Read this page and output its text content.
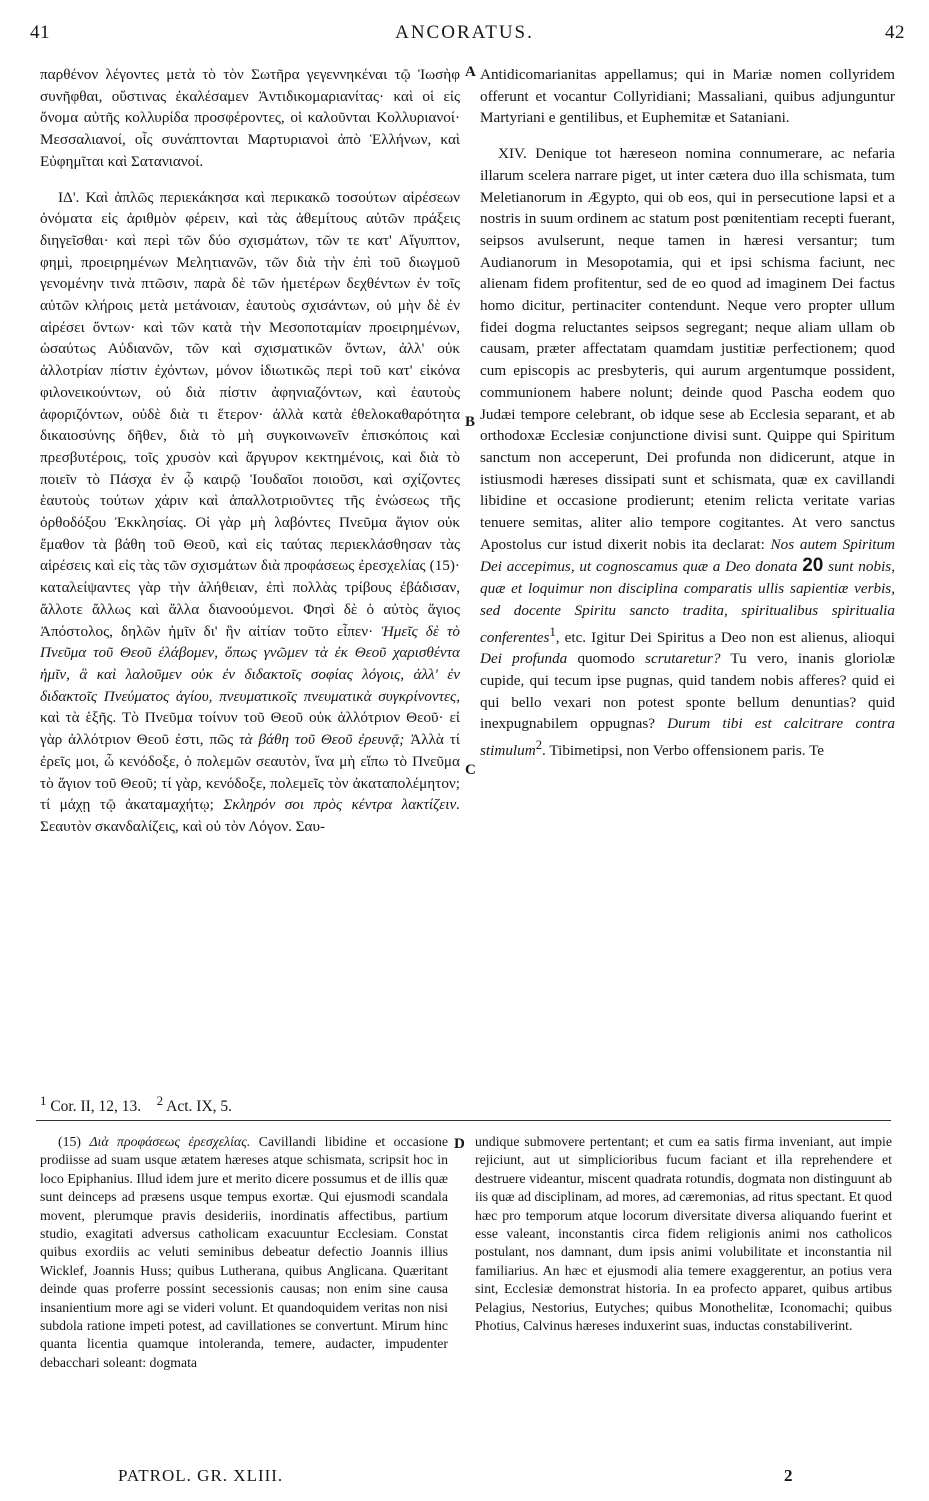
41	ANCORATUS.	42
A
B
C
D

παρθένον λέγοντες μετὰ τὸ τὸν Σωτῆρα γεγεννηκέναι τῷ Ἰωσὴφ συνῆφθαι, οὕστινας ἐκαλέσαμεν Ἀντιδικομαριανίτας· καὶ οἱ εἰς ὄνομα αὐτῆς κολλυρίδα προσφέροντες, οἱ καλοῦνται Κολλυριανοί· Μεσσαλιανοί, οἷς συνάπτονται Μαρτυριανοὶ ἀπὸ Ἑλλήνων, καὶ Εὐφημῖται καὶ Σατανιανοί.

ΙΔ'. Καὶ ἁπλῶς περιεκάκησα καὶ περικακῶ τοσούτων αἱρέσεων ὀνόματα εἰς ἀριθμὸν φέρειν, καὶ τὰς ἀθεμίτους αὐτῶν πράξεις διηγεῖσθαι· καὶ περὶ τῶν δύο σχισμάτων, τῶν τε κατ' Αἴγυπτον, φημὶ, προειρημένων Μελητιανῶν, τῶν διὰ τὴν ἐπὶ τοῦ διωγμοῦ γενομένην τινὰ πτῶσιν, παρὰ δὲ τῶν ἡμετέρων δεχθέντων ἐν τοῖς αὐτῶν κλήροις μετὰ μετάνοιαν, ἑαυτοὺς σχισάντων, οὐ μὴν δὲ ἐν αἱρέσει ὄντων· καὶ τῶν κατὰ τὴν Μεσοποταμίαν προειρημένων, ὡσαύτως Αὐδιανῶν, τῶν καὶ σχισματικῶν ὄντων, ἀλλ' οὐκ ἀλλοτρίαν πίστιν ἐχόντων, μόνον ἰδιωτικῶς περὶ τοῦ κατ' εἰκόνα φιλονεικούντων, οὐ διὰ πίστιν ἀφηνιαζόντων, καὶ ἑαυτοὺς ἀφοριζόντων, οὐδὲ διὰ τι ἕτερον· ἀλλὰ κατὰ ἐθελοκαθαρότητα δικαιοσύνης δῆθεν, διὰ τὸ μὴ συγκοινωνεῖν ἐπισκόποις καὶ πρεσβυτέροις, τοῖς χρυσὸν καὶ ἄργυρον κεκτημένοις, καὶ διὰ τὸ ποιεῖν τὸ Πάσχα ἐν ᾧ καιρῷ Ἰουδαῖοι ποιοῦσι, καὶ σχίζοντες ἑαυτοὺς τούτων χάριν καὶ ἀπαλλοτριοῦντες τῆς ἑνώσεως τῆς ὀρθοδόξου Ἐκκλησίας. Οἱ γὰρ μὴ λαβόντες Πνεῦμα ἅγιον οὐκ ἔμαθον τὰ βάθη τοῦ Θεοῦ, καὶ εἰς ταύτας περιεκλάσθησαν τὰς αἱρέσεις καὶ εἰς τὰς τῶν σχισμάτων διὰ προφάσεως ἐρεσχελίας (15)· καταλείψαντες γὰρ τὴν ἀλήθειαν, ἐπὶ πολλὰς τρίβους ἐβάδισαν, ἄλλοτε ἄλλως καὶ ἄλλα διανοούμενοι. Φησὶ δὲ ὁ αὐτὸς ἅγιος Ἀπόστολος, δηλῶν ἡμῖν δι' ἣν αἰτίαν τοῦτο εἶπεν· Ἡμεῖς δὲ τὸ Πνεῦμα τοῦ Θεοῦ ἐλάβομεν, ὅπως γνῶμεν τὰ ἐκ Θεοῦ χαρισθέντα ἡμῖν, ἃ καὶ λαλοῦμεν οὐκ ἐν διδακτοῖς σοφίας λόγοις, ἀλλ' ἐν διδακτοῖς Πνεύματος ἁγίου, πνευματικοῖς πνευματικὰ συγκρίνοντες, καὶ τὰ ἑξῆς. Τὸ Πνεῦμα τοίνυν τοῦ Θεοῦ οὐκ ἀλλότριον Θεοῦ· εἰ γὰρ ἀλλότριον Θεοῦ ἐστι, πῶς τὰ βάθη τοῦ Θεοῦ ἐρευνᾷ; Ἀλλὰ τί ἐρεῖς μοι, ὦ κενόδοξε, ὁ πολεμῶν σεαυτὸν, ἵνα μὴ εἴπω τὸ Πνεῦμα τὸ ἅγιον τοῦ Θεοῦ; τί γὰρ, κενόδοξε, πολεμεῖς τὸν ἀκαταπολέμητον; τί μάχῃ τῷ ἀκαταμαχήτῳ; Σκληρόν σοι πρὸς κέντρα λακτίζειν. Σεαυτὸν σκανδαλίζεις, καὶ οὐ τὸν Λόγον. Σαυ-

Antidicomarianitas appellamus; qui in Mariæ nomen collyridem offerunt et vocantur Collyridiani; Massaliani, quibus adjunguntur Martyriani e gentilibus, et Euphemitæ et Sataniani.

XIV. Denique tot hæreseon nomina connumerare, ac nefaria illarum scelera narrare piget, ut inter cætera duo illa schismata, tum Meletianorum in Ægypto, qui ob eos, qui in persecutione lapsi et a nostris in suum ordinem ac statum post pœnitentiam recepti fuerant, seipsos avulserunt, neque tamen in hæresi versantur; tum Audianorum in Mesopotamia, qui et ipsi schisma faciunt, nec alienam fidem profitentur, sed de eo quod ad imaginem Dei factus homo dicitur, pertinaciter contendunt. Neque vero propter ullum fidei dogma reluctantes seipsos segregant; neque aliam ullam ob causam, præter affectatam quamdam justitiæ perfectionem; quod cum episcopis ac presbyteris, qui aurum argentumque possident, communionem habere nolunt; deinde quod Pascha eodem quo Judæi tempore celebrant, ob idque sese ab Ecclesia separant, et ab orthodoxæ Ecclesiæ conjunctione divisi sunt. Quippe qui Spiritum sanctum non acceperunt, Dei profunda non didicerunt, atque in istiusmodi hæreses dissipati sunt et schismata, quæ ex cavillandi libidine et occasione prodierunt; etenim relicta veritate varias tenuere semitas, aliter alio tempore cogitantes. At vero sanctus Apostolus cur istud dixerit nobis ita declarat: Nos autem Spiritum Dei accepimus, ut cognoscamus quæ a Deo donata 20 sunt nobis, quæ et loquimur non disciplina comparatis ullis sapientiæ verbis, sed docente Spiritu sancto tradita, spiritualibus spiritualia conferentes$^1$, etc. Igitur Dei Spiritus a Deo non est alienus, alioqui Dei profunda quomodo scrutaretur? Tu vero, inanis gloriolæ cupide, qui tecum ipse pugnas, quid tandem nobis afferes? quid ei qui bello vexari non potest sponte bellum denuntias? quid inexpugnabilem oppugnas? Durum tibi est calcitrare contra stimulum$^2$. Tibimetipsi, non Verbo offensionem paris. Te

$^1$ Cor. II, 12, 13. $^2$ Act. IX, 5.

(15) Διὰ προφάσεως ἐρεσχελίας. Cavillandi libidine et occasione prodiisse ad suam usque ætatem hæreses atque schismata, scripsit hoc in loco Epiphanius. Illud idem jure et merito dicere possumus et de illis quæ sunt deinceps ad præsens usque tempus exortæ. Qui ejusmodi scandala movent, plerumque pravis desideriis, inordinatis affectibus, partium studio, exagitati adversus catholicam exacuuntur Ecclesiam. Constat quibus exordiis ac veluti seminibus debeatur defectio Joannis illius Wicklef, Joannis Huss; quibus Lutherana, quibus Anglicana. Quæritant deinde quas proferre possint secessionis causas; non enim sine causa insanientium more agi se videri volunt. Et quandoquidem veritas non nisi subdola ratione impeti potest, ad cavillationes se convertunt. Mirum hinc quanta licentia quamque intoleranda, temere, audacter, impudenter debacchari soleant: dogmata

undique submovere pertentant; et cum ea satis firma inveniant, aut impie rejiciunt, aut ut simplicioribus fucum faciant et illa reprehendere et destruere videantur, miscent quadrata rotundis, dogmata non distinguunt ab iis quæ ad disciplinam, ad mores, ad cæremonias, ad ritus spectant. Et quod hæc pro temporum atque locorum diversitate diversa aliquando fuerint et esse valeant, inconstantis circa fidem religionis animi nos catholicos postulant, nos damnant, dum ipsis animi volubilitate et inconstantia nil familiarius. An hæc et ejusmodi alia temere exaggerentur, an potius vera sint, Ecclesiæ demonstrat historia. In ea profecto apparet, quibus artibus Pelagius, Nestorius, Eutyches; quibus Monothelitæ, Iconomachi; quibus Photius, Calvinus hæreses induxerint suas, inductas constabiliverint.

PATROL. GR. XLIII.	2
